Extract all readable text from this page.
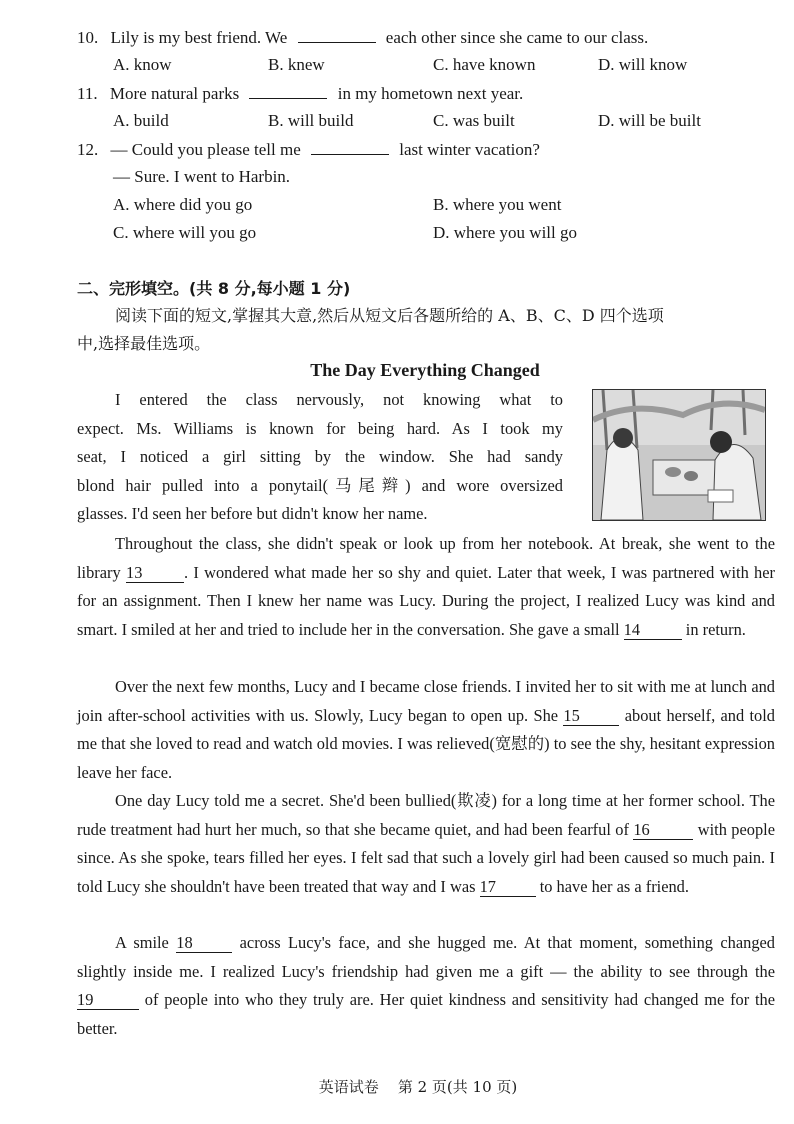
10. Lily is my best friend. We	each other since she came to our class.
A. know	B. knew	C. have known	D. will know
11. More natural parks	in my hometown next year.
A. build	B. will build	C. was built	D. will be built
12. — Could you please tell me	last winter vacation?
— Sure. I went to Harbin.
A. where did you go	B. where you went
C. where will you go	D. where you will go
二、完形填空。(共 8 分,每小题 1 分)
阅读下面的短文,掌握其大意,然后从短文后各题所给的 A、B、C、D 四个选项
中,选择最佳选项。
The Day Everything Changed
I entered the class nervously, not knowing what to
expect. Ms. Williams is known for being hard. As I took my
seat, I noticed a girl sitting by the window. She had sandy
blond hair pulled into a ponytail(马尾辫) and wore oversized
glasses. I'd seen her before but didn't know her name.
Throughout the class, she didn't speak or look up from her notebook. At break, she went to the library 13	. I wondered what made her so shy and quiet. Later that week, I was partnered with her for an assignment. Then I knew her name was Lucy. During the project, I realized Lucy was kind and smart. I smiled at her and tried to include her in the conversation. She gave a small 14	in return.
Over the next few months, Lucy and I became close friends. I invited her to sit with me at lunch and join after-school activities with us. Slowly, Lucy began to open up. She 15	about herself, and told me that she loved to read and watch old movies. I was relieved(宽慰的) to see the shy, hesitant expression leave her face.
One day Lucy told me a secret. She'd been bullied(欺凌) for a long time at her former school. The rude treatment had hurt her much, so that she became quiet, and had been fearful of 16	with people since. As she spoke, tears filled her eyes. I felt sad that such a lovely girl had been caused so much pain. I told Lucy she shouldn't have been treated that way and I was 17	to have her as a friend.
A smile 18	across Lucy's face, and she hugged me. At that moment, something changed slightly inside me. I realized Lucy's friendship had given me a gift — the ability to see through the 19	of people into who they truly are. Her quiet kindness and sensitivity had changed me for the better.
英语试卷    第 2 页(共 10 页)
